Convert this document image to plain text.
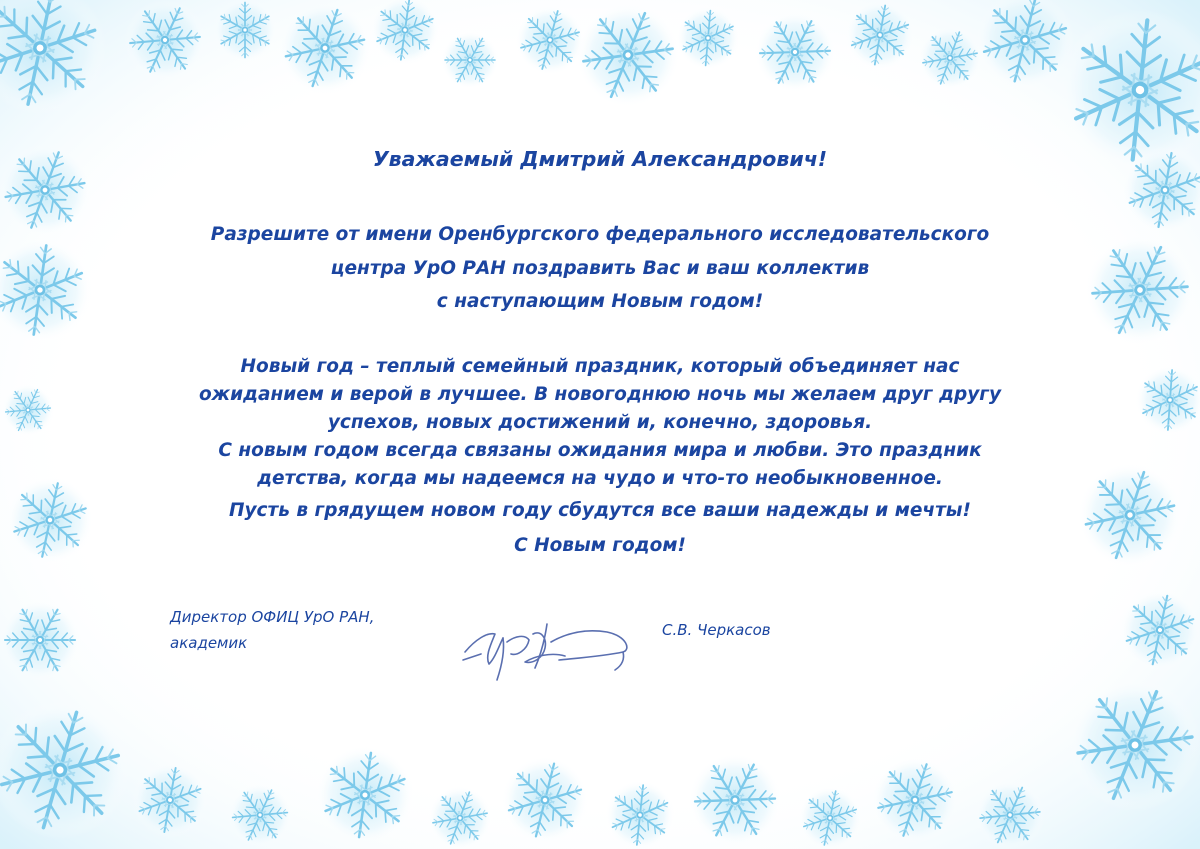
Уважаемый Дмитрий Александрович!
Разрешите от имени Оренбургского федерального исследовательского
центра УрО РАН поздравить Вас и ваш коллектив
с наступающим Новым годом!
Новый год – теплый семейный праздник, который объединяет нас
ожиданием и верой в лучшее. В новогоднюю ночь мы желаем друг другу
успехов, новых достижений и, конечно, здоровья.
С новым годом всегда связаны ожидания мира и любви. Это праздник
детства, когда мы надеемся на чудо и что-то необыкновенное.
Пусть в грядущем новом году сбудутся все ваши надежды и мечты!
С Новым годом!
Директор ОФИЦ УрО РАН,
академик
С.В. Черкасов
